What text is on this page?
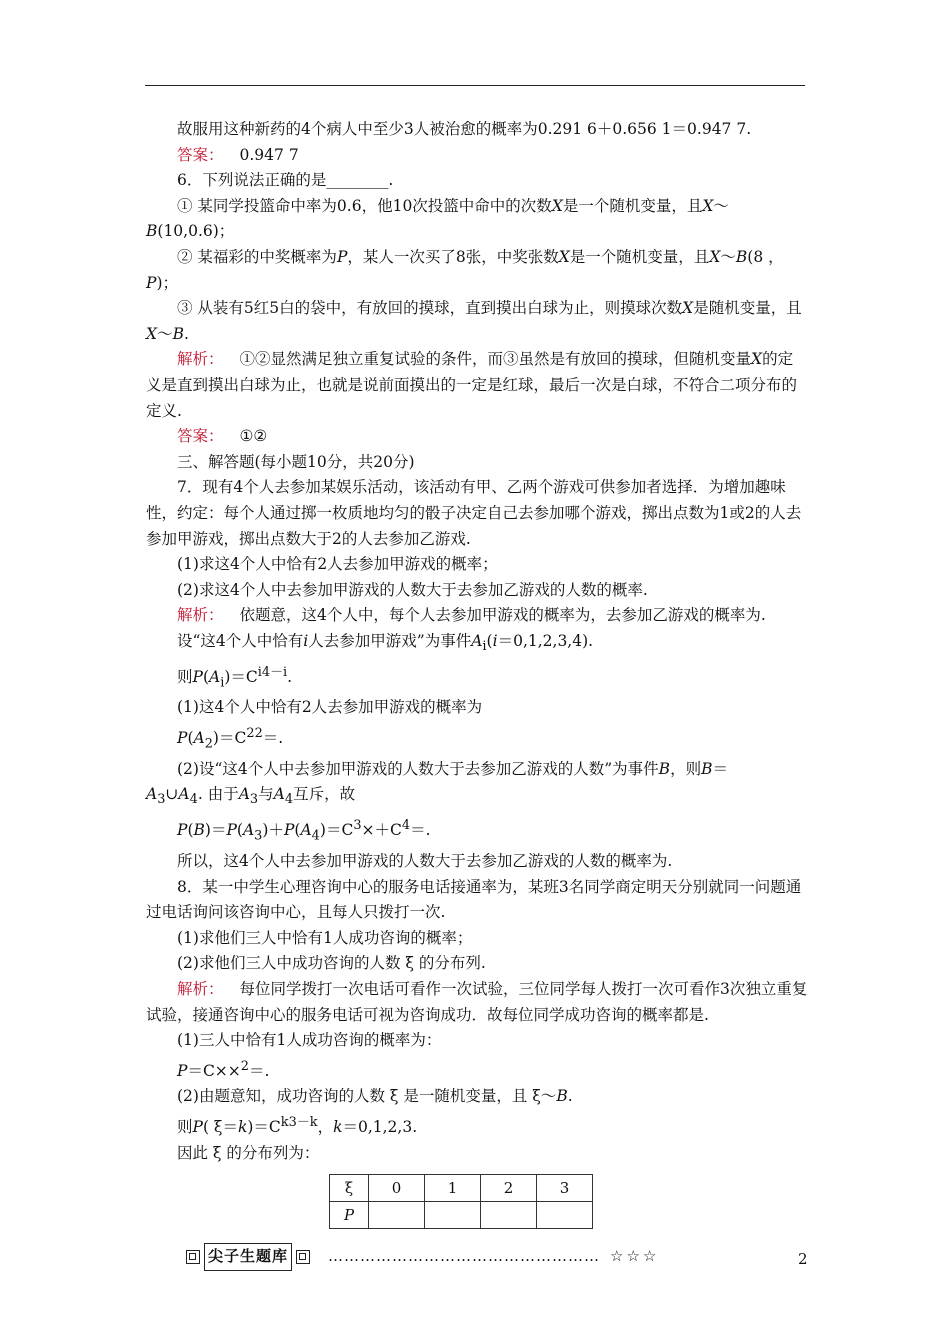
故服用这种新药的4个病人中至少3人被治愈的概率为0.291 6＋0.656 1＝0.947 7.

答案： 0.947 7

6．下列说法正确的是________.

① 某同学投篮命中率为0.6，他10次投篮中命中的次数X是一个随机变量，且X～B(10,0.6)；

② 某福彩的中奖概率为P，某人一次买了8张，中奖张数X是一个随机变量，且X～B(8 ，P)；

③ 从装有5红5白的袋中，有放回的摸球，直到摸出白球为止，则摸球次数X是随机变量，且X～B.

解析： ①②显然满足独立重复试验的条件，而③虽然是有放回的摸球，但随机变量X的定义是直到摸出白球为止，也就是说前面摸出的一定是红球，最后一次是白球，不符合二项分布的定义.

答案： ①②

三、解答题(每小题10分，共20分)

7．现有4个人去参加某娱乐活动，该活动有甲、乙两个游戏可供参加者选择．为增加趣味性，约定：每个人通过掷一枚质地均匀的骰子决定自己去参加哪个游戏，掷出点数为1或2的人去参加甲游戏，掷出点数大于2的人去参加乙游戏.

(1)求这4个人中恰有2人去参加甲游戏的概率；

(2)求这4个人中去参加甲游戏的人数大于去参加乙游戏的人数的概率.

解析： 依题意，这4个人中，每个人去参加甲游戏的概率为，去参加乙游戏的概率为.

设“这4个人中恰有i人去参加甲游戏”为事件$A_i(i=0,1,2,3,4)$.

则$P(A_i)=C^{i4-i}$.

(1)这4个人中恰有2人去参加甲游戏的概率为

$P(A_2)=C^{22}=$.

(2)设“这4个人中去参加甲游戏的人数大于去参加乙游戏的人数”为事件B，则B＝

$A_3\cup A_4$. 由于$A_3$与$A_4$互斥，故

$P(B)=P(A_3)+P(A_4)=C^3\times+C^4=$.

所以，这4个人中去参加甲游戏的人数大于去参加乙游戏的人数的概率为.

8．某一中学生心理咨询中心的服务电话接通率为，某班3名同学商定明天分别就同一问题通过电话询问该咨询中心，且每人只拨打一次.

(1)求他们三人中恰有1人成功咨询的概率；

(2)求他们三人中成功咨询的人数 ξ 的分布列.

解析： 每位同学拨打一次电话可看作一次试验，三位同学每人拨打一次可看作3次独立重复试验，接通咨询中心的服务电话可视为咨询成功．故每位同学成功咨询的概率都是.

(1)三人中恰有1人成功咨询的概率为：

P＝C××$^2$＝.

(2)由题意知，成功咨询的人数 ξ 是一随机变量，且 ξ～B.

则P( $\xi=k)=C^{k3-k}$，k＝0,1,2,3.

因此 ξ 的分布列为：

ξ	0	1	2	3
P				
尖子生题库	…………………………………………… ☆☆☆	2
